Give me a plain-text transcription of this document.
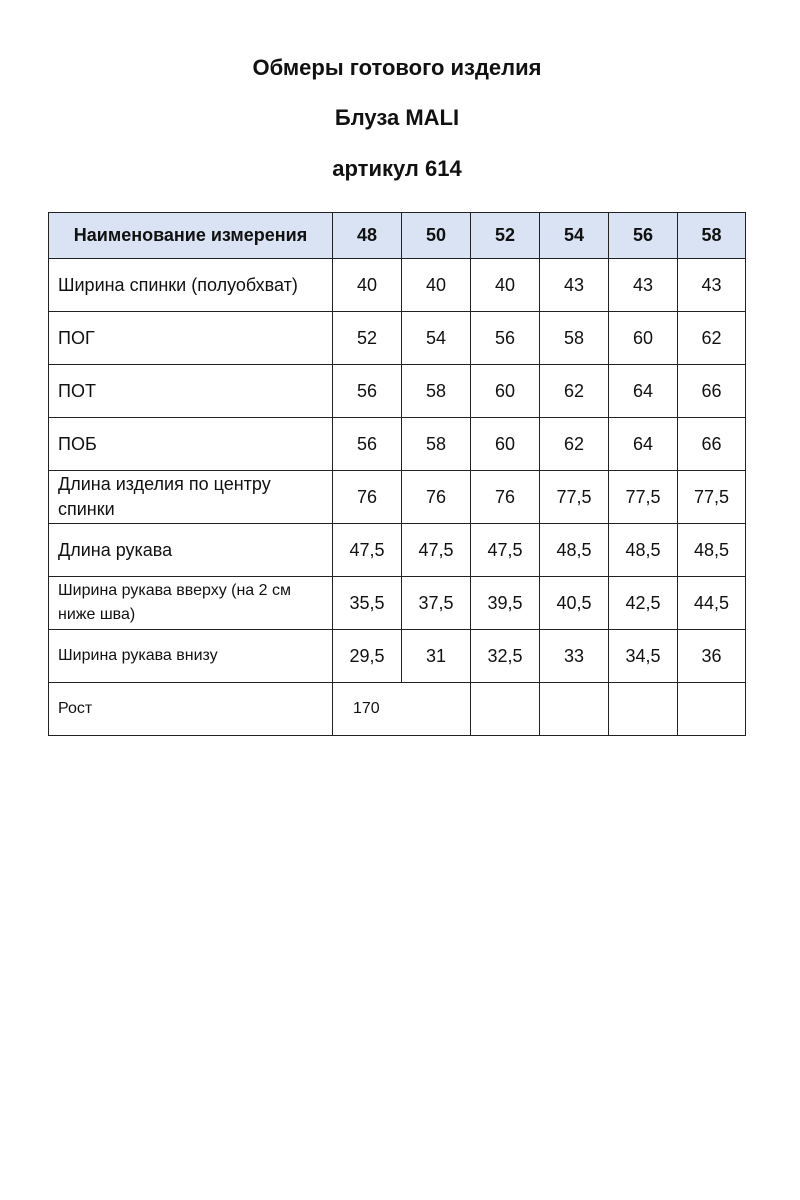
Обмеры готового изделия
Блуза MALI
артикул 614
Наименование измерения	48	50	52	54	56	58
Ширина спинки (полуобхват)	40	40	40	43	43	43
ПОГ	52	54	56	58	60	62
ПОТ	56	58	60	62	64	66
ПОБ	56	58	60	62	64	66
Длина изделия по центру спинки	76	76	76	77,5	77,5	77,5
Длина рукава	47,5	47,5	47,5	48,5	48,5	48,5
Ширина рукава вверху (на 2 см ниже шва)	35,5	37,5	39,5	40,5	42,5	44,5
Ширина рукава внизу	29,5	31	32,5	33	34,5	36
Рост	170					
